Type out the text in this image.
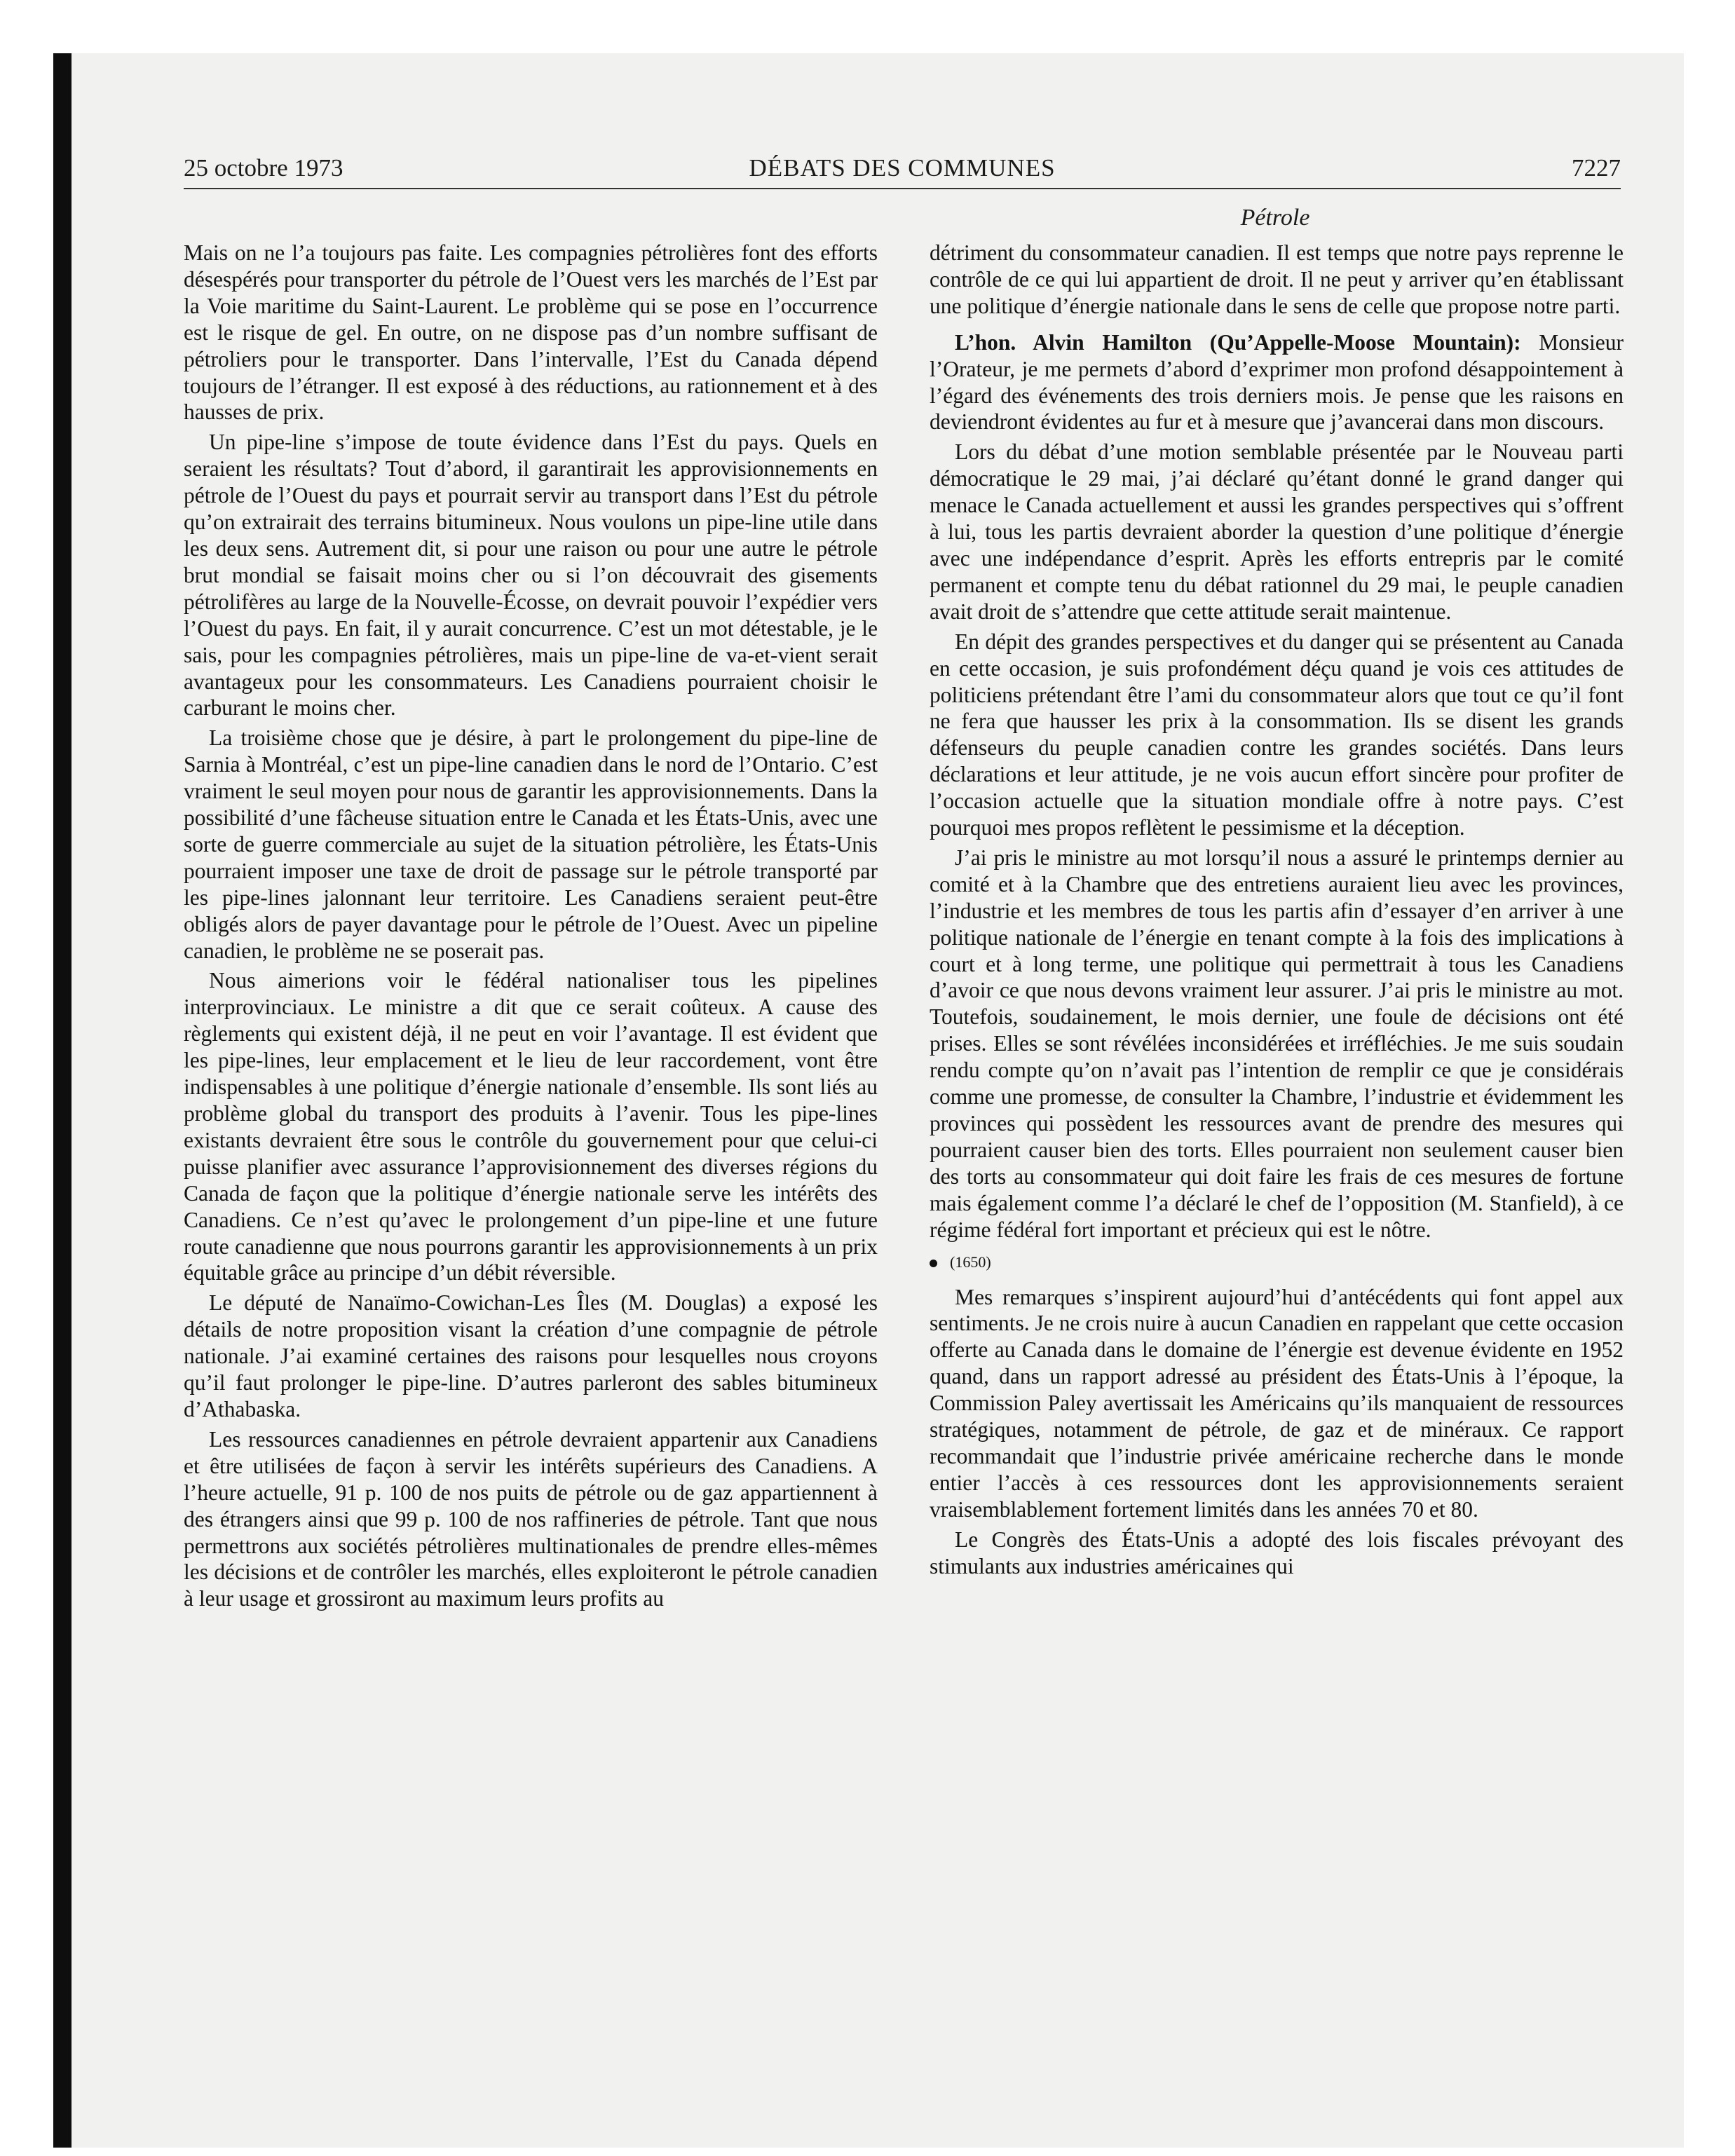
25 octobre 1973	DÉBATS DES COMMUNES	7227
Pétrole

Mais on ne l’a toujours pas faite. Les compagnies pétrolières font des efforts désespérés pour transporter du pétrole de l’Ouest vers les marchés de l’Est par la Voie maritime du Saint-Laurent. Le problème qui se pose en l’occurrence est le risque de gel. En outre, on ne dispose pas d’un nombre suffisant de pétroliers pour le transporter. Dans l’intervalle, l’Est du Canada dépend toujours de l’étranger. Il est exposé à des réductions, au rationnement et à des hausses de prix.

Un pipe-line s’impose de toute évidence dans l’Est du pays. Quels en seraient les résultats? Tout d’abord, il garantirait les approvisionnements en pétrole de l’Ouest du pays et pourrait servir au transport dans l’Est du pétrole qu’on extrairait des terrains bitumineux. Nous voulons un pipe-line utile dans les deux sens. Autrement dit, si pour une raison ou pour une autre le pétrole brut mondial se faisait moins cher ou si l’on découvrait des gisements pétrolifères au large de la Nouvelle-Écosse, on devrait pouvoir l’expédier vers l’Ouest du pays. En fait, il y aurait concurrence. C’est un mot détestable, je le sais, pour les compagnies pétrolières, mais un pipe-line de va-et-vient serait avantageux pour les consommateurs. Les Canadiens pourraient choisir le carburant le moins cher.

La troisième chose que je désire, à part le prolongement du pipe-line de Sarnia à Montréal, c’est un pipe-line canadien dans le nord de l’Ontario. C’est vraiment le seul moyen pour nous de garantir les approvisionnements. Dans la possibilité d’une fâcheuse situation entre le Canada et les États-Unis, avec une sorte de guerre commerciale au sujet de la situation pétrolière, les États-Unis pourraient imposer une taxe de droit de passage sur le pétrole transporté par les pipe-lines jalonnant leur territoire. Les Canadiens seraient peut-être obligés alors de payer davantage pour le pétrole de l’Ouest. Avec un pipeline canadien, le problème ne se poserait pas.

Nous aimerions voir le fédéral nationaliser tous les pipelines interprovinciaux. Le ministre a dit que ce serait coûteux. A cause des règlements qui existent déjà, il ne peut en voir l’avantage. Il est évident que les pipe-lines, leur emplacement et le lieu de leur raccordement, vont être indispensables à une politique d’énergie nationale d’ensemble. Ils sont liés au problème global du transport des produits à l’avenir. Tous les pipe-lines existants devraient être sous le contrôle du gouvernement pour que celui-ci puisse planifier avec assurance l’approvisionnement des diverses régions du Canada de façon que la politique d’énergie nationale serve les intérêts des Canadiens. Ce n’est qu’avec le prolongement d’un pipe-line et une future route canadienne que nous pourrons garantir les approvisionnements à un prix équitable grâce au principe d’un débit réversible.

Le député de Nanaïmo-Cowichan-Les Îles (M. Douglas) a exposé les détails de notre proposition visant la création d’une compagnie de pétrole nationale. J’ai examiné certaines des raisons pour lesquelles nous croyons qu’il faut prolonger le pipe-line. D’autres parleront des sables bitumineux d’Athabaska.

Les ressources canadiennes en pétrole devraient appartenir aux Canadiens et être utilisées de façon à servir les intérêts supérieurs des Canadiens. A l’heure actuelle, 91 p. 100 de nos puits de pétrole ou de gaz appartiennent à des étrangers ainsi que 99 p. 100 de nos raffineries de pétrole. Tant que nous permettrons aux sociétés pétrolières multinationales de prendre elles-mêmes les décisions et de contrôler les marchés, elles exploiteront le pétrole canadien à leur usage et grossiront au maximum leurs profits au

détriment du consommateur canadien. Il est temps que notre pays reprenne le contrôle de ce qui lui appartient de droit. Il ne peut y arriver qu’en établissant une politique d’énergie nationale dans le sens de celle que propose notre parti.

L’hon. Alvin Hamilton (Qu’Appelle-Moose Mountain): Monsieur l’Orateur, je me permets d’abord d’exprimer mon profond désappointement à l’égard des événements des trois derniers mois. Je pense que les raisons en deviendront évidentes au fur et à mesure que j’avancerai dans mon discours.

Lors du débat d’une motion semblable présentée par le Nouveau parti démocratique le 29 mai, j’ai déclaré qu’étant donné le grand danger qui menace le Canada actuellement et aussi les grandes perspectives qui s’offrent à lui, tous les partis devraient aborder la question d’une politique d’énergie avec une indépendance d’esprit. Après les efforts entrepris par le comité permanent et compte tenu du débat rationnel du 29 mai, le peuple canadien avait droit de s’attendre que cette attitude serait maintenue.

En dépit des grandes perspectives et du danger qui se présentent au Canada en cette occasion, je suis profondément déçu quand je vois ces attitudes de politiciens prétendant être l’ami du consommateur alors que tout ce qu’il font ne fera que hausser les prix à la consommation. Ils se disent les grands défenseurs du peuple canadien contre les grandes sociétés. Dans leurs déclarations et leur attitude, je ne vois aucun effort sincère pour profiter de l’occasion actuelle que la situation mondiale offre à notre pays. C’est pourquoi mes propos reflètent le pessimisme et la déception.

J’ai pris le ministre au mot lorsqu’il nous a assuré le printemps dernier au comité et à la Chambre que des entretiens auraient lieu avec les provinces, l’industrie et les membres de tous les partis afin d’essayer d’en arriver à une politique nationale de l’énergie en tenant compte à la fois des implications à court et à long terme, une politique qui permettrait à tous les Canadiens d’avoir ce que nous devons vraiment leur assurer. J’ai pris le ministre au mot. Toutefois, soudainement, le mois dernier, une foule de décisions ont été prises. Elles se sont révélées inconsidérées et irréfléchies. Je me suis soudain rendu compte qu’on n’avait pas l’intention de remplir ce que je considérais comme une promesse, de consulter la Chambre, l’industrie et évidemment les provinces qui possèdent les ressources avant de prendre des mesures qui pourraient causer bien des torts. Elles pourraient non seulement causer bien des torts au consommateur qui doit faire les frais de ces mesures de fortune mais également comme l’a déclaré le chef de l’opposition (M. Stanfield), à ce régime fédéral fort important et précieux qui est le nôtre.

(1650)

Mes remarques s’inspirent aujourd’hui d’antécédents qui font appel aux sentiments. Je ne crois nuire à aucun Canadien en rappelant que cette occasion offerte au Canada dans le domaine de l’énergie est devenue évidente en 1952 quand, dans un rapport adressé au président des États-Unis à l’époque, la Commission Paley avertissait les Américains qu’ils manquaient de ressources stratégiques, notamment de pétrole, de gaz et de minéraux. Ce rapport recommandait que l’industrie privée américaine recherche dans le monde entier l’accès à ces ressources dont les approvisionnements seraient vraisemblablement fortement limités dans les années 70 et 80.

Le Congrès des États-Unis a adopté des lois fiscales prévoyant des stimulants aux industries américaines qui
